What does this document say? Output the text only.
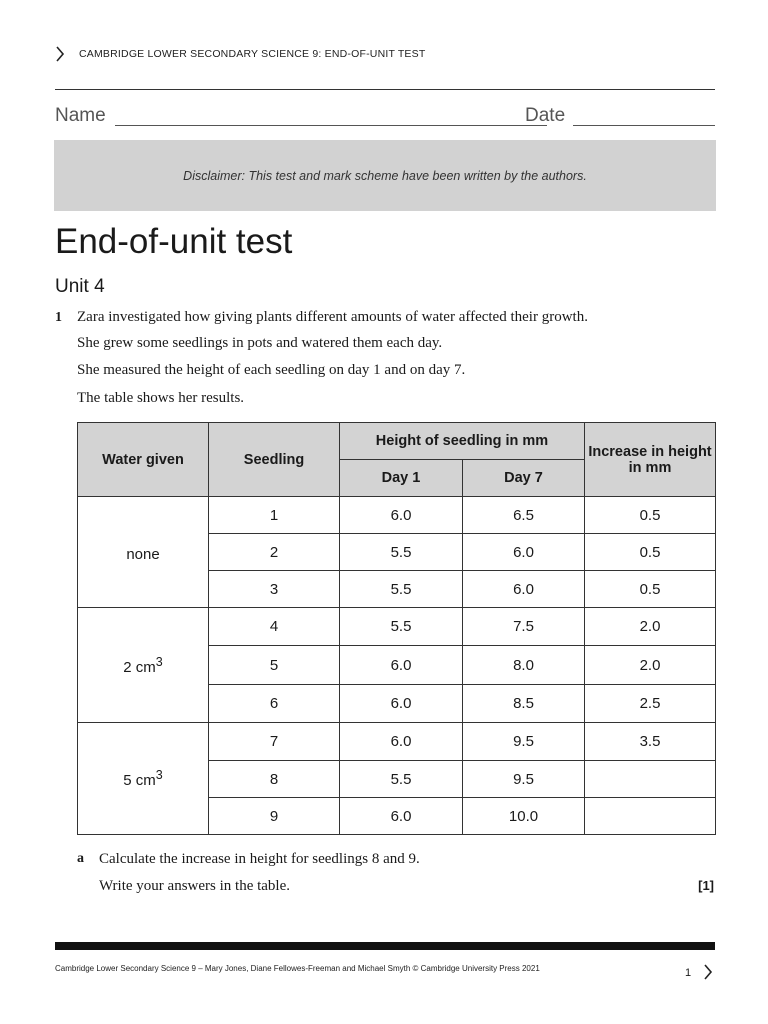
CAMBRIDGE LOWER SECONDARY SCIENCE 9: END-OF-UNIT TEST
Name	Date
Disclaimer: This test and mark scheme have been written by the authors.
End-of-unit test
Unit 4
1 Zara investigated how giving plants different amounts of water affected their growth.
She grew some seedlings in pots and watered them each day.
She measured the height of each seedling on day 1 and on day 7.
The table shows her results.
Water given	Seedling	Height of seedling in mm		Increase in height in mm
		Day 1	Day 7	
none	1	6.0	6.5	0.5
	2	5.5	6.0	0.5
	3	5.5	6.0	0.5
2 $cm^3$	4	5.5	7.5	2.0
	5	6.0	8.0	2.0
	6	6.0	8.5	2.5
5 $cm^3$	7	6.0	9.5	3.5
	8	5.5	9.5	
	9	6.0	10.0	
a Calculate the increase in height for seedlings 8 and 9.
Write your answers in the table.	[1]
Cambridge Lower Secondary Science 9 – Mary Jones, Diane Fellowes-Freeman and Michael Smyth © Cambridge University Press 2021	1
